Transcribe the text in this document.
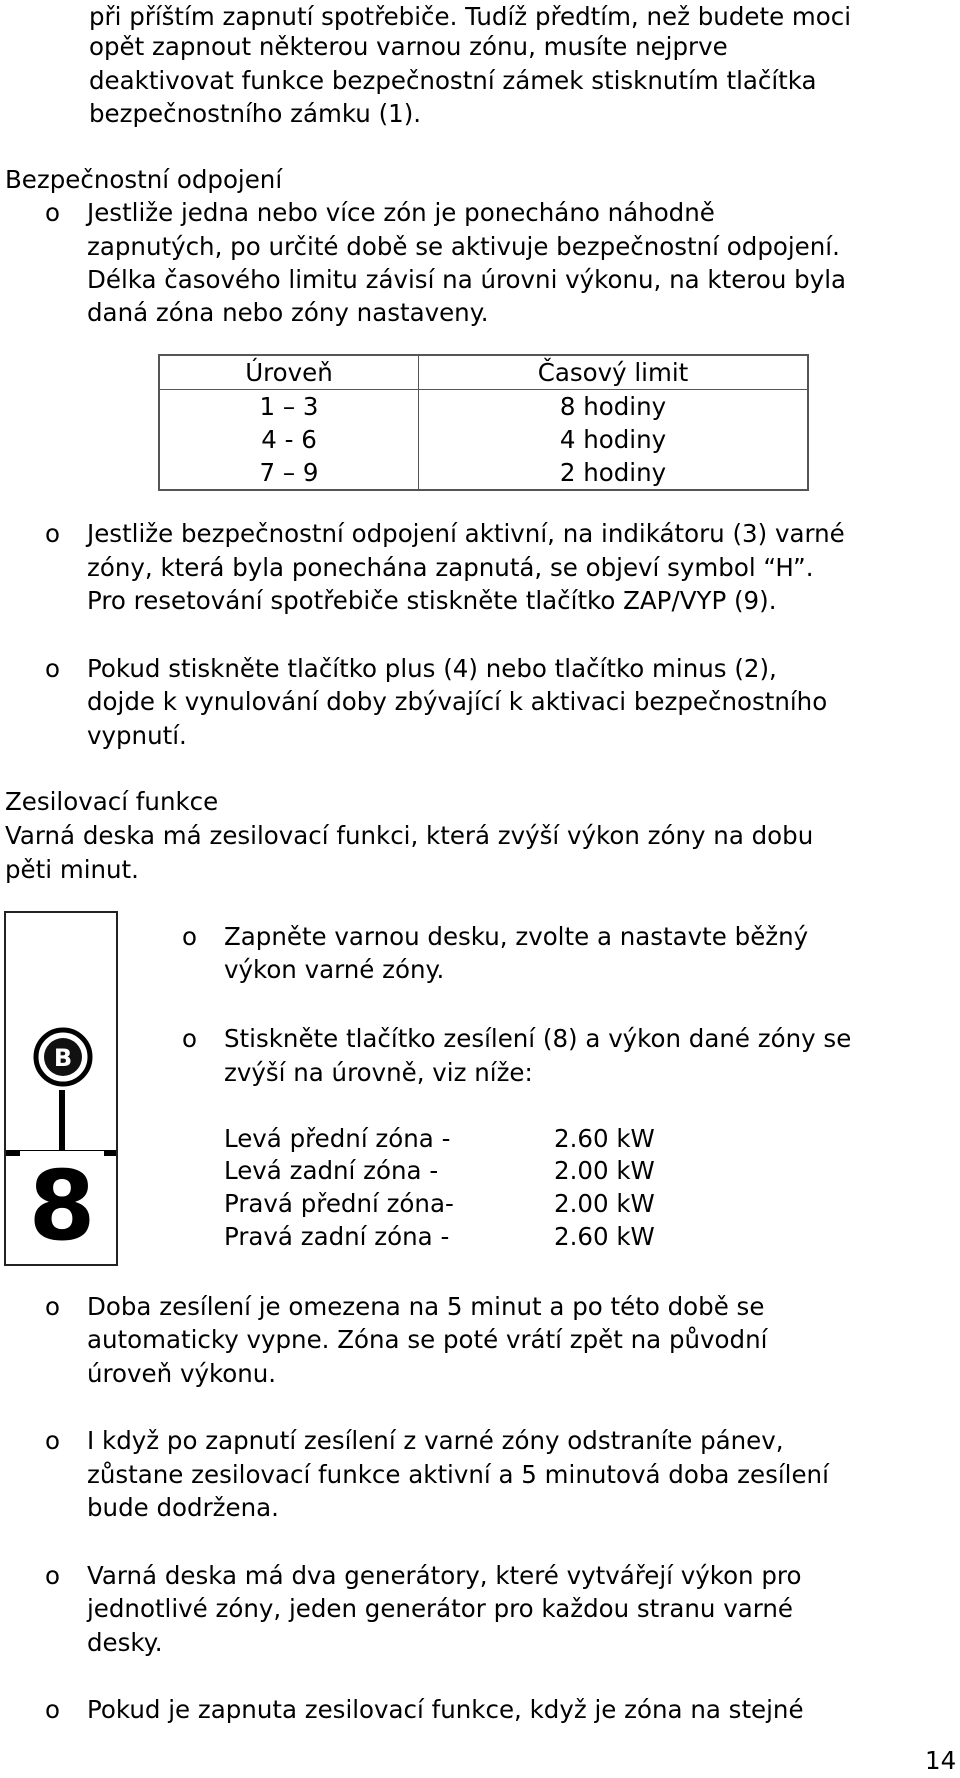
při příštím zapnutí spotřebiče. Tudíž předtím, než budete moci
opět zapnout některou varnou zónu, musíte nejprve
deaktivovat funkce bezpečnostní zámek stisknutím tlačítka
bezpečnostního zámku (1).
Bezpečnostní odpojení
o Jestliže jedna nebo více zón je ponecháno náhodně
zapnutých, po určité době se aktivuje bezpečnostní odpojení.
Délka časového limitu závisí na úrovni výkonu, na kterou byla
daná zóna nebo zóny nastaveny.
Úroveň	Časový limit
1 – 3	8 hodiny
4 - 6	4 hodiny
7 – 9	2 hodiny
o Jestliže bezpečnostní odpojení aktivní, na indikátoru (3) varné
zóny, která byla ponechána zapnutá, se objeví symbol “H”.
Pro resetování spotřebiče stiskněte tlačítko ZAP/VYP (9).
o Pokud stiskněte tlačítko plus (4) nebo tlačítko minus (2),
dojde k vynulování doby zbývající k aktivaci bezpečnostního
vypnutí.
Zesilovací funkce
Varná deska má zesilovací funkci, která zvýší výkon zóny na dobu
pěti minut.
B
8
o Zapněte varnou desku, zvolte a nastavte běžný
výkon varné zóny.
o Stiskněte tlačítko zesílení (8) a výkon dané zóny se
zvýší na úrovně, viz níže:
Levá přední zóna -	2.60 kW
Levá zadní zóna -	2.00 kW
Pravá přední zóna-	2.00 kW
Pravá zadní zóna -	2.60 kW
o Doba zesílení je omezena na 5 minut a po této době se
automaticky vypne. Zóna se poté vrátí zpět na původní
úroveň výkonu.
o I když po zapnutí zesílení z varné zóny odstraníte pánev,
zůstane zesilovací funkce aktivní a 5 minutová doba zesílení
bude dodržena.
o Varná deska má dva generátory, které vytvářejí výkon pro
jednotlivé zóny, jeden generátor pro každou stranu varné
desky.
o Pokud je zapnuta zesilovací funkce, když je zóna na stejné
14
